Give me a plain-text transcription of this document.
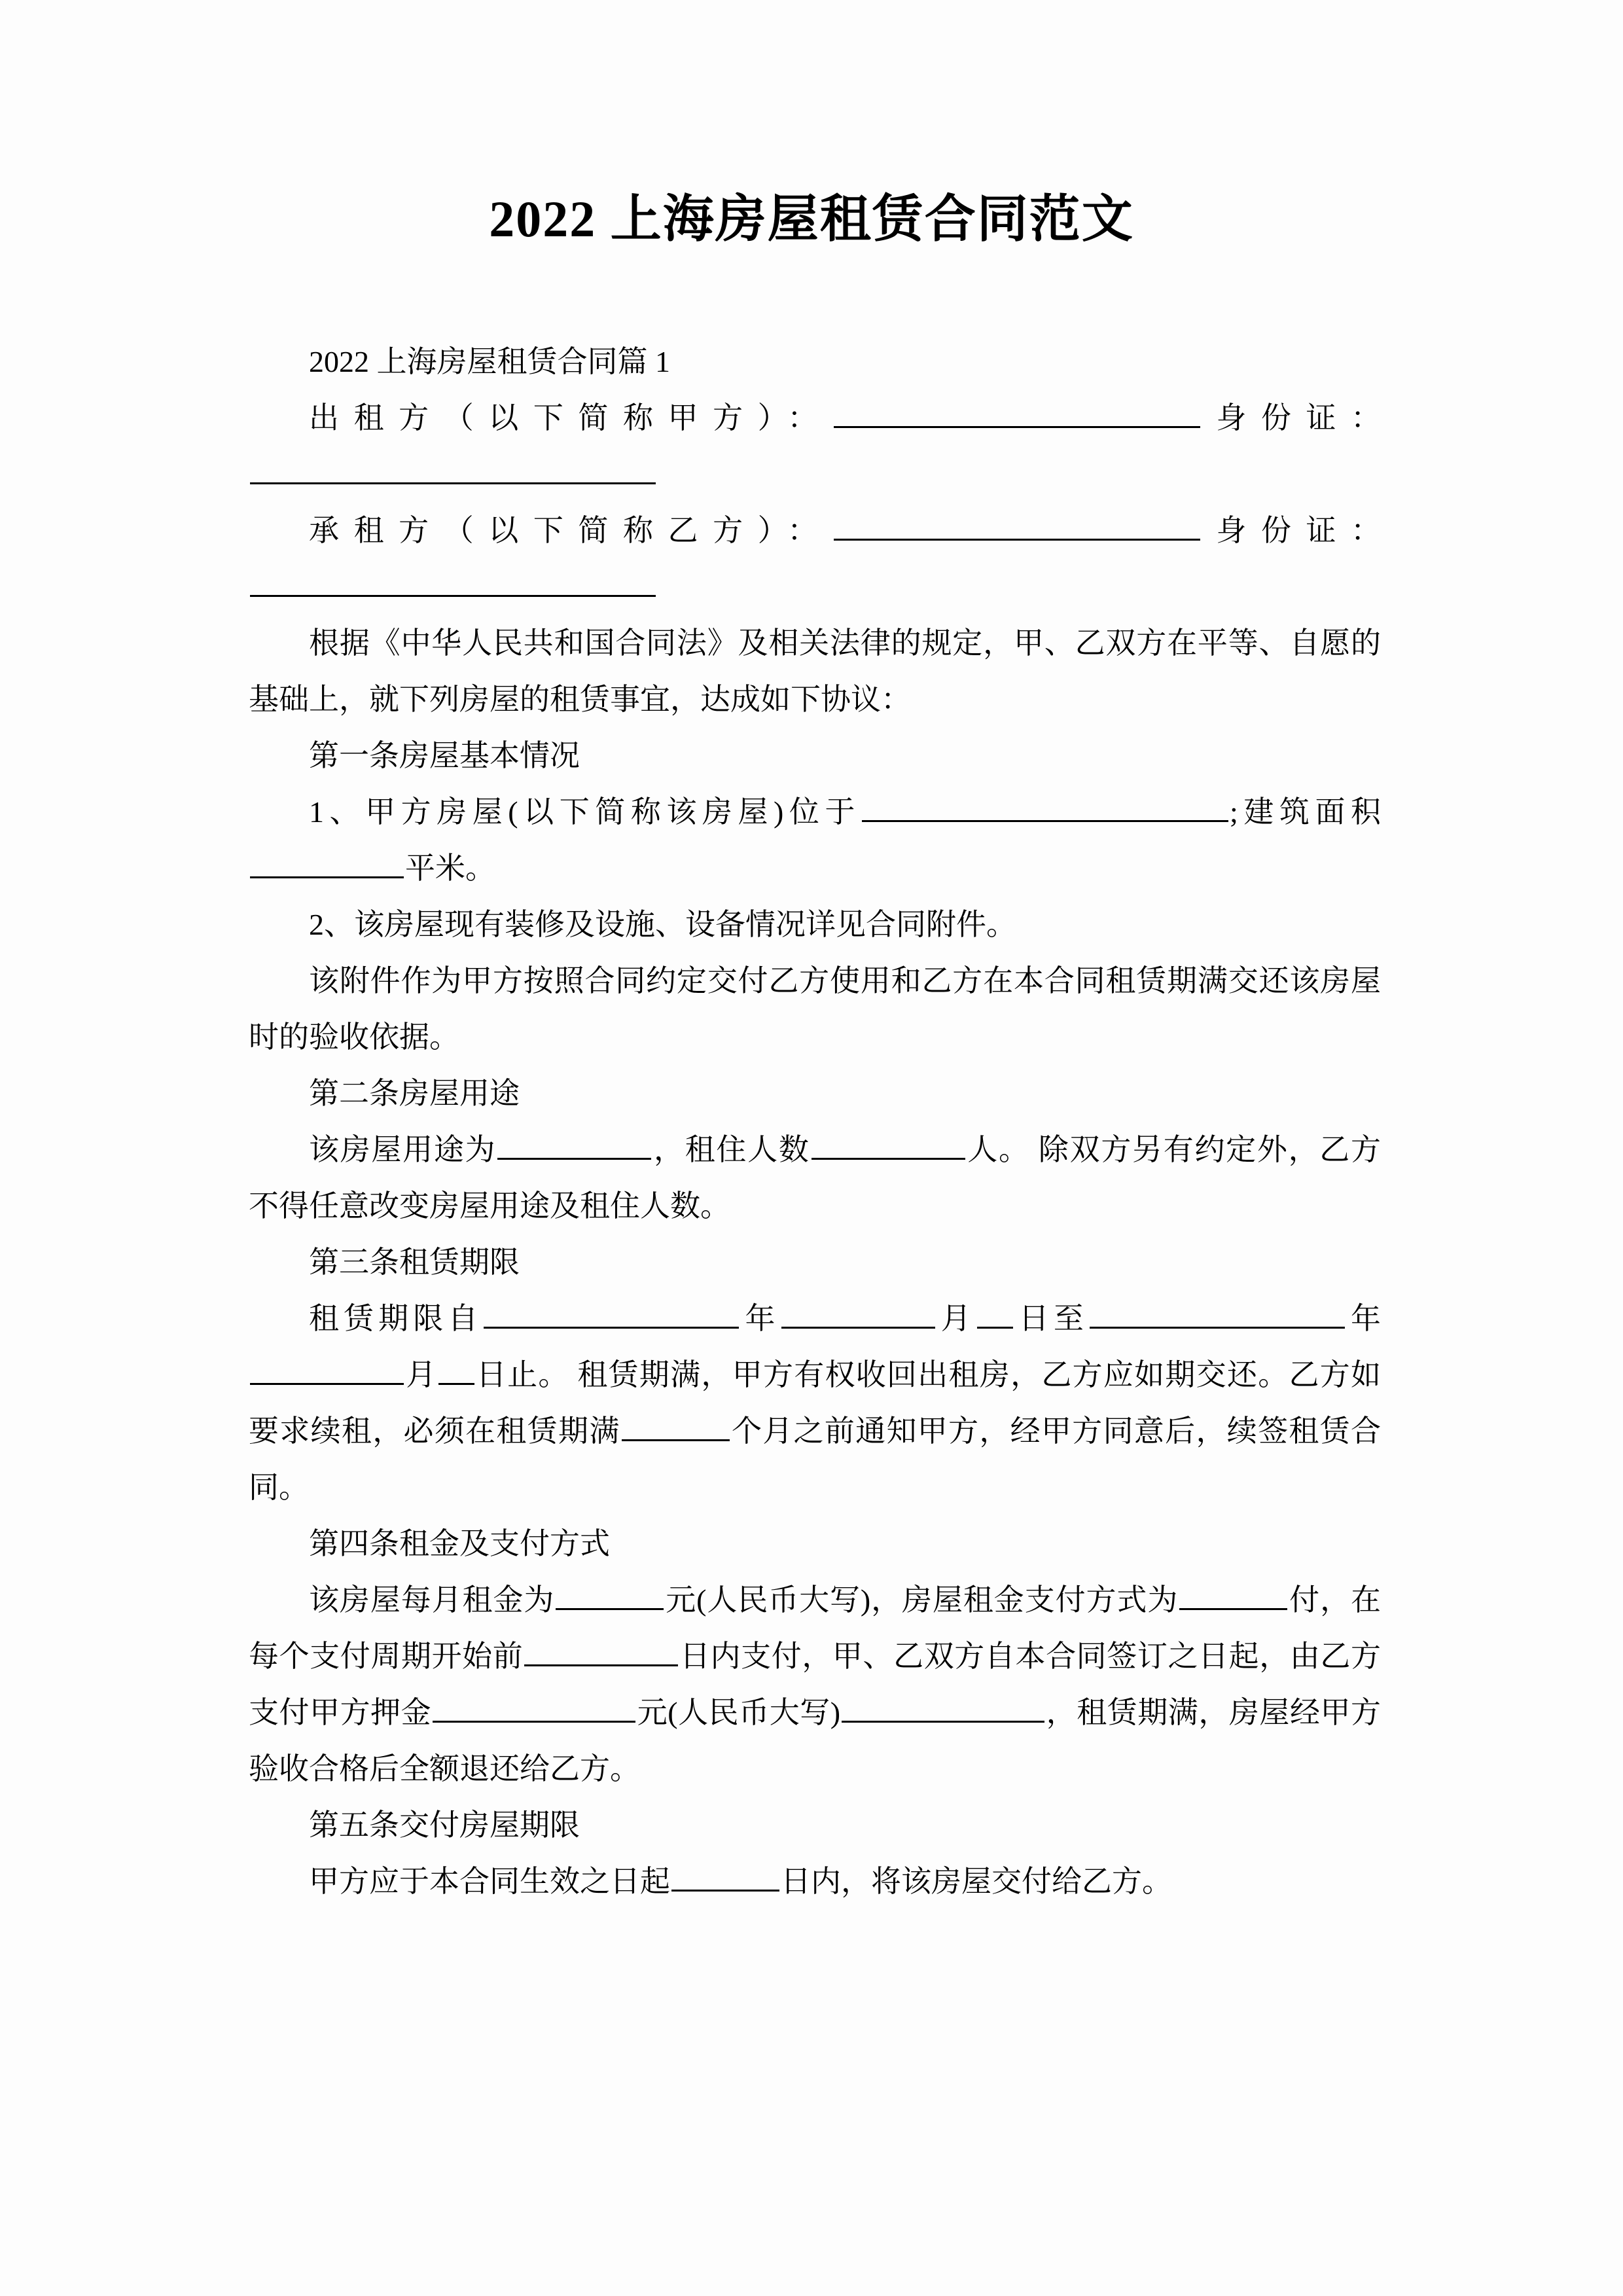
2022 上海房屋租赁合同范文

2022 上海房屋租赁合同篇 1

出租方（以下简称甲方）：	身份证：

承租方（以下简称乙方）：	身份证：

根据《中华人民共和国合同法》及相关法律的规定，甲、乙双方在平等、自愿的基础上，就下列房屋的租赁事宜，达成如下协议：

第一条房屋基本情况

1、甲方房屋(以下简称该房屋)位于	;建筑面积平米。

2、该房屋现有装修及设施、设备情况详见合同附件。

该附件作为甲方按照合同约定交付乙方使用和乙方在本合同租赁期满交还该房屋时的验收依据。

第二条房屋用途

该房屋用途为	，租住人数	人。 除双方另有约定外，乙方不得任意改变房屋用途及租住人数。

第三条租赁期限

租赁期限自	年	月 日至	年月 日止。 租赁期满，甲方有权收回出租房，乙方应如期交还。乙方如要求续租，必须在租赁期满	个月之前通知甲方，经甲方同意后，续签租赁合同。

第四条租金及支付方式

该房屋每月租金为	元(人民币大写)，房屋租金支付方式为	付，在每个支付周期开始前	日内支付，甲、乙双方自本合同签订之日起，由乙方支付甲方押金	元(人民币大写)	，租赁期满，房屋经甲方验收合格后全额退还给乙方。

第五条交付房屋期限

甲方应于本合同生效之日起	日内，将该房屋交付给乙方。
